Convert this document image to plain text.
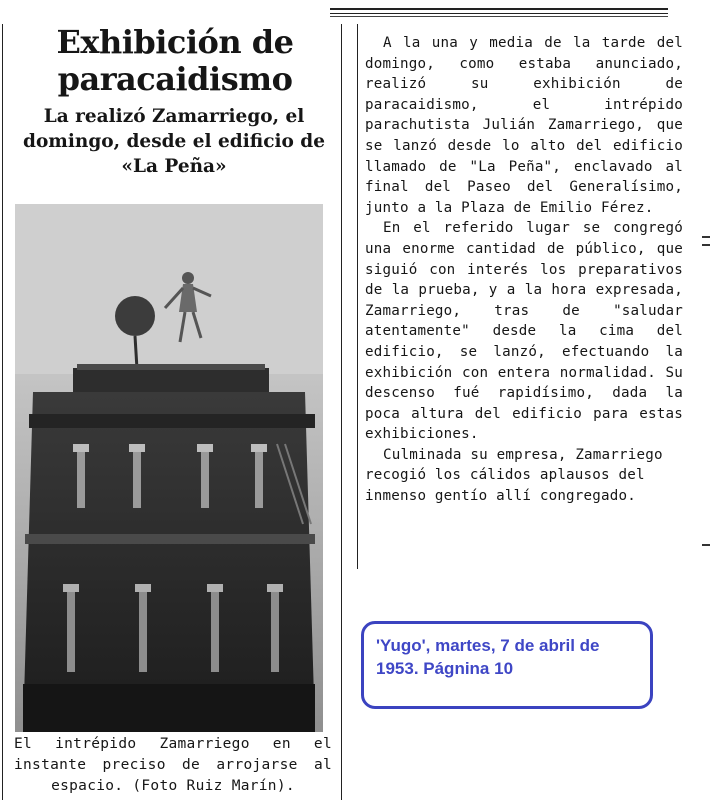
Exhibición de paracaidismo
La realizó Zamarriego, el domingo, desde el edificio de «La Peña»
El intrépido Zamarriego en el instante preciso de arrojarse al espacio. (Foto Ruiz Marín).

A la una y media de la tarde del domingo, como estaba anunciado, realizó su exhibición de paracaidismo, el intrépido parachutista Julián Zamarriego, que se lanzó desde lo alto del edificio llamado de "La Peña", enclavado al final del Paseo del Generalísimo, junto a la Plaza de Emilio Férez.

En el referido lugar se congregó una enorme cantidad de público, que siguió con interés los preparativos de la prueba, y a la hora expresada, Zamarriego, tras de "saludar atentamente" desde la cima del edificio, se lanzó, efectuando la exhibición con entera normalidad. Su descenso fué rapidísimo, dada la poca altura del edificio para estas exhibiciones.

Culminada su empresa, Zamarriego recogió los cálidos aplausos del inmenso gentío allí congregado.

'Yugo', martes, 7 de abril de 1953. Págnina 10
